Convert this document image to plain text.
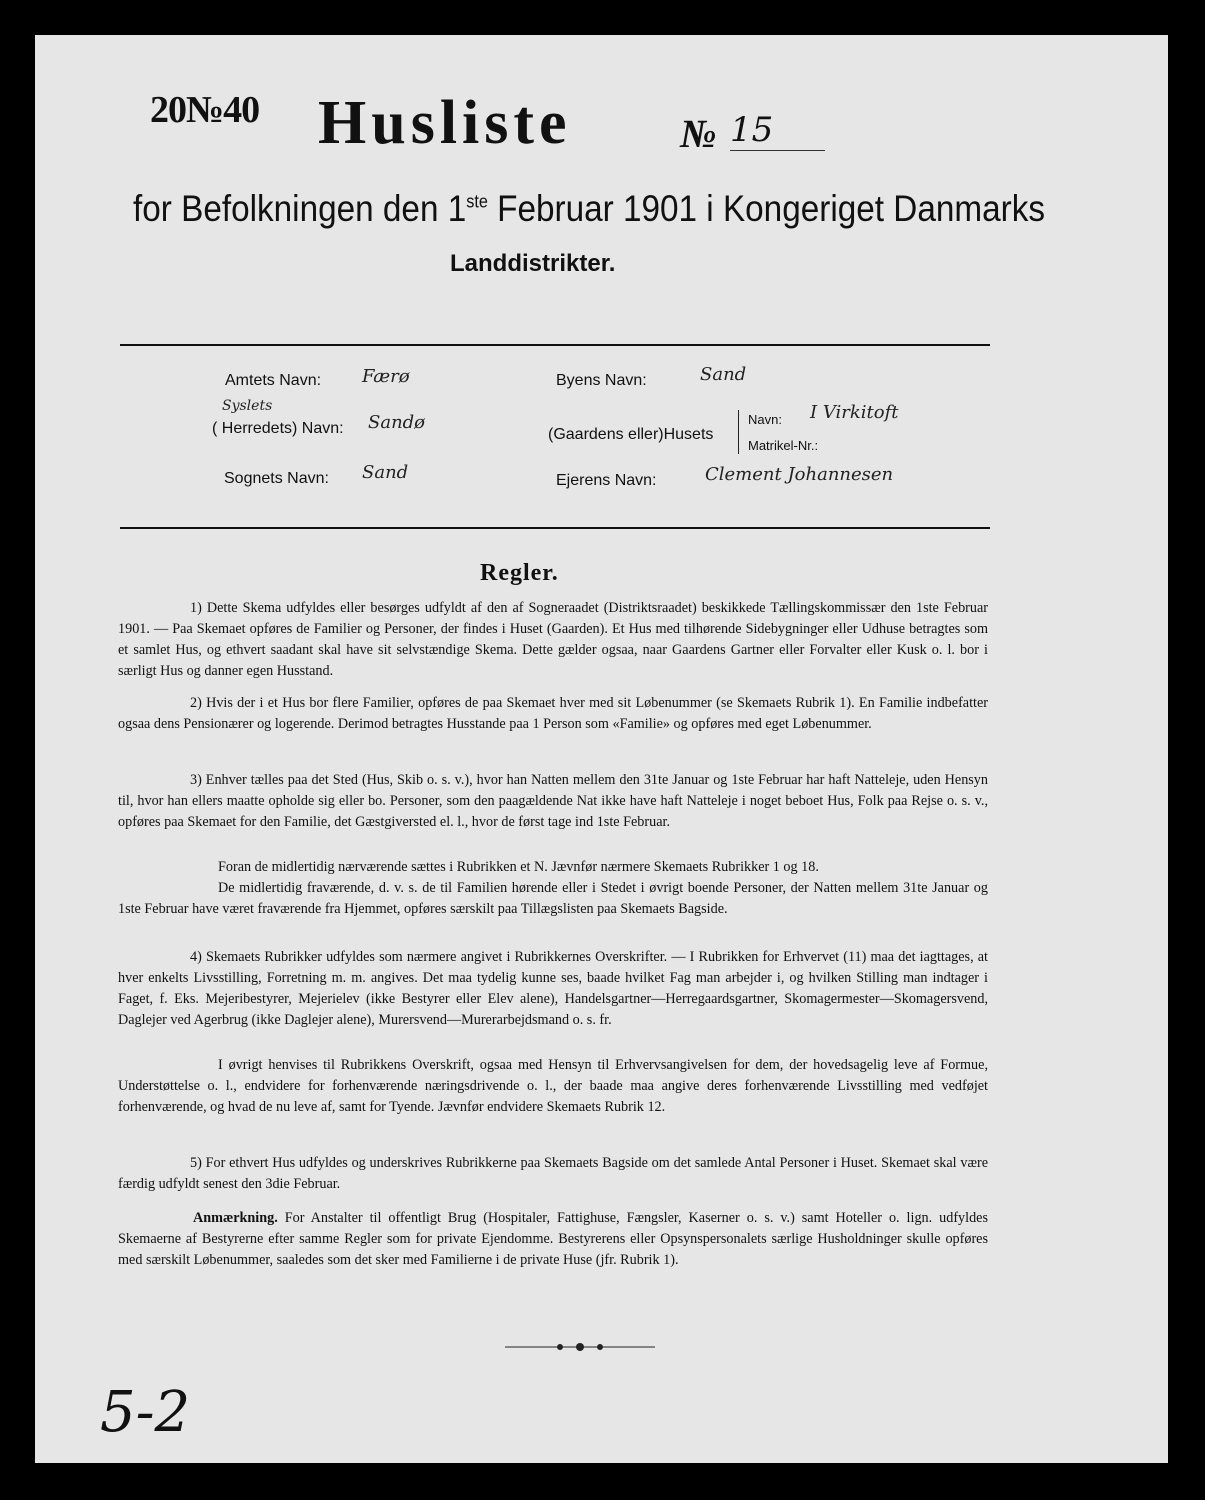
20№40 Husliste	№ 15
for Befolkningen den 1ste Februar 1901 i Kongeriget Danmarks
Landdistrikter.
Amtets Navn: Færø
Syslets
( Herredets) Navn: Sandø
Sognets Navn: Sand
Byens Navn:	Sand
(Gaardens eller)Husets
Navn: I Virkitoft
Matrikel-Nr.:
Ejerens Navn:	Clement Johannesen
Regler.

1) Dette Skema udfyldes eller besørges udfyldt af den af Sogneraadet (Distriktsraadet) beskikkede Tællingskommissær den 1ste Februar 1901. — Paa Skemaet opføres de Familier og Personer, der findes i Huset (Gaarden). Et Hus med tilhørende Sidebygninger eller Udhuse betragtes som et samlet Hus, og ethvert saadant skal have sit selvstændige Skema. Dette gælder ogsaa, naar Gaardens Gartner eller Forvalter eller Kusk o. l. bor i særligt Hus og danner egen Husstand.

2) Hvis der i et Hus bor flere Familier, opføres de paa Skemaet hver med sit Løbenummer (se Skemaets Rubrik 1). En Familie indbefatter ogsaa dens Pensionærer og logerende. Derimod betragtes Husstande paa 1 Person som «Familie» og opføres med eget Løbenummer.

3) Enhver tælles paa det Sted (Hus, Skib o. s. v.), hvor han Natten mellem den 31te Januar og 1ste Februar har haft Natteleje, uden Hensyn til, hvor han ellers maatte opholde sig eller bo. Personer, som den paagældende Nat ikke have haft Natteleje i noget beboet Hus, Folk paa Rejse o. s. v., opføres paa Skemaet for den Familie, det Gæstgiversted el. l., hvor de først tage ind 1ste Februar.

Foran de midlertidig nærværende sættes i Rubrikken et N. Jævnfør nærmere Skemaets Rubrikker 1 og 18.

De midlertidig fraværende, d. v. s. de til Familien hørende eller i Stedet i øvrigt boende Personer, der Natten mellem 31te Januar og 1ste Februar have været fraværende fra Hjemmet, opføres særskilt paa Tillægslisten paa Skemaets Bagside.

4) Skemaets Rubrikker udfyldes som nærmere angivet i Rubrikkernes Overskrifter. — I Rubrikken for Erhvervet (11) maa det iagttages, at hver enkelts Livsstilling, Forretning m. m. angives. Det maa tydelig kunne ses, baade hvilket Fag man arbejder i, og hvilken Stilling man indtager i Faget, f. Eks. Mejeribestyrer, Mejerielev (ikke Bestyrer eller Elev alene), Handelsgartner—Herregaardsgartner, Skomagermester—Skomagersvend, Daglejer ved Agerbrug (ikke Daglejer alene), Murersvend—Murerarbejdsmand o. s. fr.

I øvrigt henvises til Rubrikkens Overskrift, ogsaa med Hensyn til Erhvervsangivelsen for dem, der hovedsagelig leve af Formue, Understøttelse o. l., endvidere for forhenværende næringsdrivende o. l., der baade maa angive deres forhenværende Livsstilling med vedføjet forhenværende, og hvad de nu leve af, samt for Tyende. Jævnfør endvidere Skemaets Rubrik 12.

5) For ethvert Hus udfyldes og underskrives Rubrikkerne paa Skemaets Bagside om det samlede Antal Personer i Huset. Skemaet skal være færdig udfyldt senest den 3die Februar.

Anmærkning. For Anstalter til offentligt Brug (Hospitaler, Fattighuse, Fængsler, Kaserner o. s. v.) samt Hoteller o. lign. udfyldes Skemaerne af Bestyrerne efter samme Regler som for private Ejendomme. Bestyrerens eller Opsynspersonalets særlige Husholdninger skulle opføres med særskilt Løbenummer, saaledes som det sker med Familierne i de private Huse (jfr. Rubrik 1).

5-2
